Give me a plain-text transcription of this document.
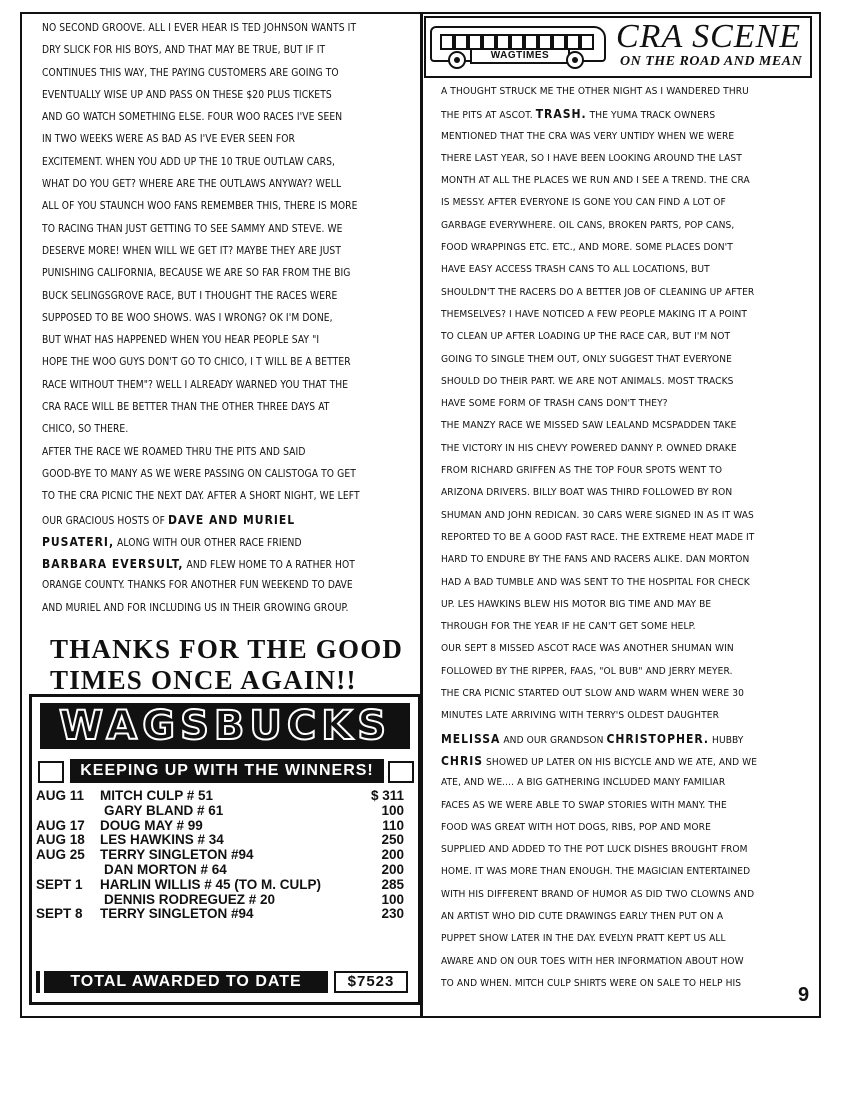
NO SECOND GROOVE. ALL I EVER HEAR IS TED JOHNSON WANTS IT
DRY SLICK FOR HIS BOYS, AND THAT MAY BE TRUE, BUT IF IT
CONTINUES THIS WAY, THE PAYING CUSTOMERS ARE GOING TO
EVENTUALLY WISE UP AND PASS ON THESE $20 PLUS TICKETS
AND GO WATCH SOMETHING ELSE. FOUR WOO RACES I'VE SEEN
IN TWO WEEKS WERE AS BAD AS I'VE EVER SEEN FOR
EXCITEMENT. WHEN YOU ADD UP THE 10 TRUE OUTLAW CARS,
WHAT DO YOU GET? WHERE ARE THE OUTLAWS ANYWAY? WELL
ALL OF YOU STAUNCH WOO FANS REMEMBER THIS, THERE IS MORE
TO RACING THAN JUST GETTING TO SEE SAMMY AND STEVE. WE
DESERVE MORE! WHEN WILL WE GET IT? MAYBE THEY ARE JUST
PUNISHING CALIFORNIA, BECAUSE WE ARE SO FAR FROM THE BIG
BUCK SELINGSGROVE RACE, BUT I THOUGHT THE RACES WERE
SUPPOSED TO BE WOO SHOWS. WAS I WRONG? OK I'M DONE,
BUT WHAT HAS HAPPENED WHEN YOU HEAR PEOPLE SAY "I
HOPE THE WOO GUYS DON'T GO TO CHICO, I T WILL BE A BETTER
RACE WITHOUT THEM"? WELL I ALREADY WARNED YOU THAT THE
CRA RACE WILL BE BETTER THAN THE OTHER THREE DAYS AT
CHICO, SO THERE.
AFTER THE RACE WE ROAMED THRU THE PITS AND SAID
GOOD-BYE TO MANY AS WE WERE PASSING ON CALISTOGA TO GET
TO THE CRA PICNIC THE NEXT DAY. AFTER A SHORT NIGHT, WE LEFT
OUR GRACIOUS HOSTS OF DAVE AND MURIEL
PUSATERI, ALONG WITH OUR OTHER RACE FRIEND
BARBARA EVERSULT, AND FLEW HOME TO A RATHER HOT
ORANGE COUNTY. THANKS FOR ANOTHER FUN WEEKEND TO DAVE
AND MURIEL AND FOR INCLUDING US IN THEIR GROWING GROUP.
THANKS FOR THE GOOD TIMES ONCE AGAIN!!
WAGSBUCKS
KEEPING UP WITH THE WINNERS!
AUG 11 MITCH CULP # 51	$ 311
GARY BLAND # 61	100
AUG 17 DOUG MAY # 99	110
AUG 18 LES HAWKINS # 34	250
AUG 25 TERRY SINGLETON #94	200
DAN MORTON # 64	200
SEPT 1 HARLIN WILLIS # 45 (TO M. CULP)	285
DENNIS RODREGUEZ # 20	100
SEPT 8 TERRY SINGLETON #94	230
TOTAL AWARDED TO DATE	$7523
WAGTIMES
CRA SCENE
ON THE ROAD AND MEAN
A THOUGHT STRUCK ME THE OTHER NIGHT AS I WANDERED THRU
THE PITS AT ASCOT. TRASH. THE YUMA TRACK OWNERS
MENTIONED THAT THE CRA WAS VERY UNTIDY WHEN WE WERE
THERE LAST YEAR, SO I HAVE BEEN LOOKING AROUND THE LAST
MONTH AT ALL THE PLACES WE RUN AND I SEE A TREND. THE CRA
IS MESSY. AFTER EVERYONE IS GONE YOU CAN FIND A LOT OF
GARBAGE EVERYWHERE. OIL CANS, BROKEN PARTS, POP CANS,
FOOD WRAPPINGS ETC. ETC., AND MORE. SOME PLACES DON'T
HAVE EASY ACCESS TRASH CANS TO ALL LOCATIONS, BUT
SHOULDN'T THE RACERS DO A BETTER JOB OF CLEANING UP AFTER
THEMSELVES? I HAVE NOTICED A FEW PEOPLE MAKING IT A POINT
TO CLEAN UP AFTER LOADING UP THE RACE CAR, BUT I'M NOT
GOING TO SINGLE THEM OUT, ONLY SUGGEST THAT EVERYONE
SHOULD DO THEIR PART. WE ARE NOT ANIMALS. MOST TRACKS
HAVE SOME FORM OF TRASH CANS DON'T THEY?
THE MANZY RACE WE MISSED SAW LEALAND MCSPADDEN TAKE
THE VICTORY IN HIS CHEVY POWERED DANNY P. OWNED DRAKE
FROM RICHARD GRIFFEN AS THE TOP FOUR SPOTS WENT TO
ARIZONA DRIVERS. BILLY BOAT WAS THIRD FOLLOWED BY RON
SHUMAN AND JOHN REDICAN. 30 CARS WERE SIGNED IN AS IT WAS
REPORTED TO BE A GOOD FAST RACE. THE EXTREME HEAT MADE IT
HARD TO ENDURE BY THE FANS AND RACERS ALIKE. DAN MORTON
HAD A BAD TUMBLE AND WAS SENT TO THE HOSPITAL FOR CHECK
UP. LES HAWKINS BLEW HIS MOTOR BIG TIME AND MAY BE
THROUGH FOR THE YEAR IF HE CAN'T GET SOME HELP.
OUR SEPT 8 MISSED ASCOT RACE WAS ANOTHER SHUMAN WIN
FOLLOWED BY THE RIPPER, FAAS, "OL BUB" AND JERRY MEYER.
THE CRA PICNIC STARTED OUT SLOW AND WARM WHEN WERE 30
MINUTES LATE ARRIVING WITH TERRY'S OLDEST DAUGHTER
MELISSA AND OUR GRANDSON CHRISTOPHER. HUBBY
CHRIS SHOWED UP LATER ON HIS BICYCLE AND WE ATE, AND WE
ATE, AND WE.... A BIG GATHERING INCLUDED MANY FAMILIAR
FACES AS WE WERE ABLE TO SWAP STORIES WITH MANY. THE
FOOD WAS GREAT WITH HOT DOGS, RIBS, POP AND MORE
SUPPLIED AND ADDED TO THE POT LUCK DISHES BROUGHT FROM
HOME. IT WAS MORE THAN ENOUGH. THE MAGICIAN ENTERTAINED
WITH HIS DIFFERENT BRAND OF HUMOR AS DID TWO CLOWNS AND
AN ARTIST WHO DID CUTE DRAWINGS EARLY THEN PUT ON A
PUPPET SHOW LATER IN THE DAY. EVELYN PRATT KEPT US ALL
AWARE AND ON OUR TOES WITH HER INFORMATION ABOUT HOW
TO AND WHEN. MITCH CULP SHIRTS WERE ON SALE TO HELP HIS
9
